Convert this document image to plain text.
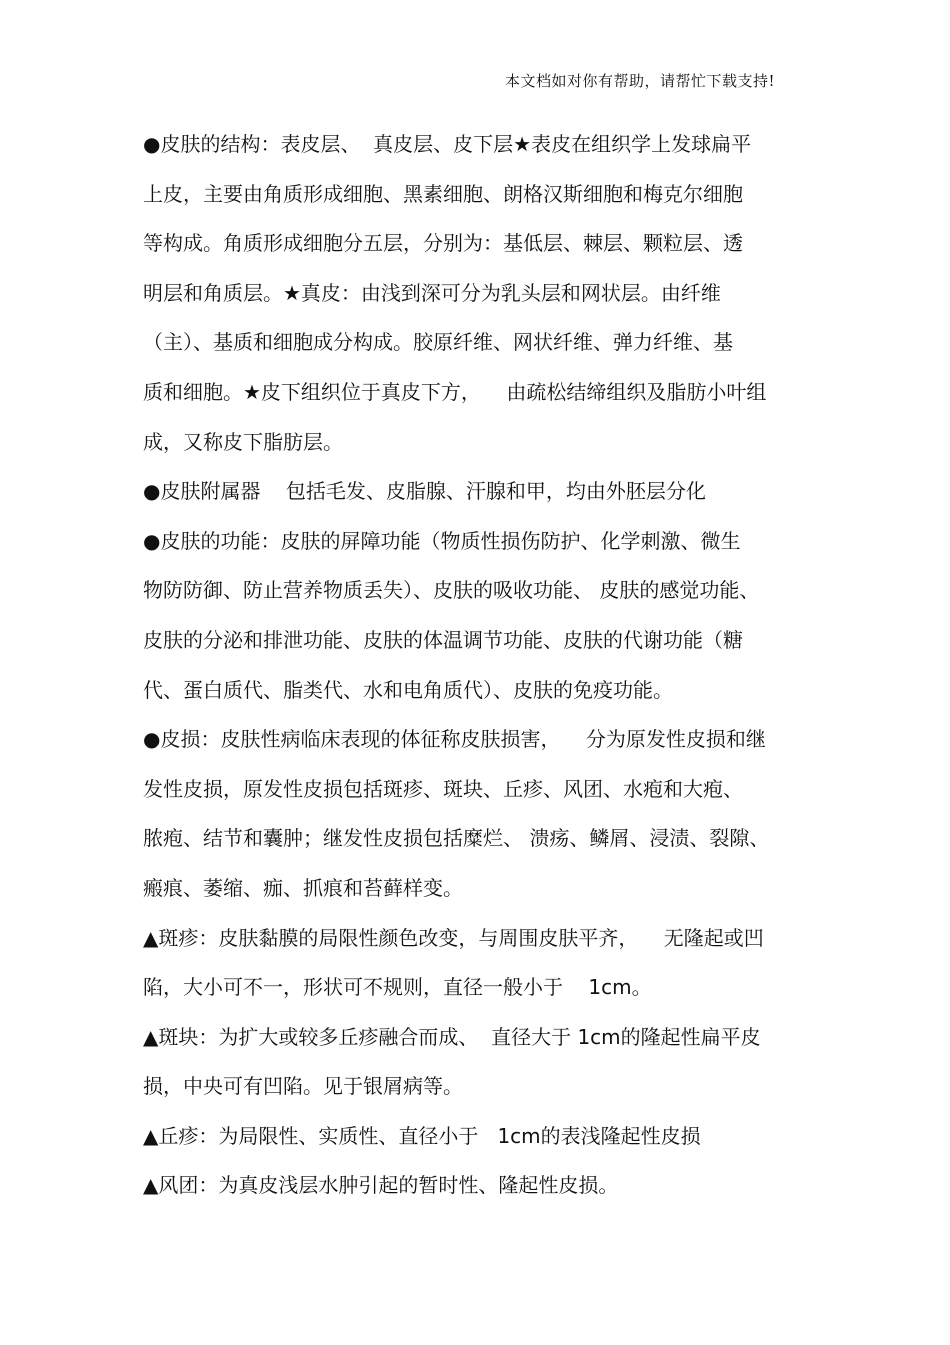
本文档如对你有帮助，请帮忙下载支持!
●皮肤的结构：表皮层、  真皮层、皮下层★表皮在组织学上发球扁平
上皮，主要由角质形成细胞、黑素细胞、朗格汉斯细胞和梅克尔细胞
等构成。角质形成细胞分五层，分别为：基低层、棘层、颗粒层、透
明层和角质层。★真皮：由浅到深可分为乳头层和网状层。由纤维
（主）、基质和细胞成分构成。胶原纤维、网状纤维、弹力纤维、基
质和细胞。★皮下组织位于真皮下方，    由疏松结缔组织及脂肪小叶组
成，又称皮下脂肪层。
●皮肤附属器    包括毛发、皮脂腺、汗腺和甲，均由外胚层分化
●皮肤的功能：皮肤的屏障功能（物质性损伤防护、化学刺激、微生
物防防御、防止营养物质丢失）、皮肤的吸收功能、 皮肤的感觉功能、
皮肤的分泌和排泄功能、皮肤的体温调节功能、皮肤的代谢功能（糖
代、蛋白质代、脂类代、水和电角质代）、皮肤的免疫功能。
●皮损：皮肤性病临床表现的体征称皮肤损害，    分为原发性皮损和继
发性皮损，原发性皮损包括斑疹、斑块、丘疹、风团、水疱和大疱、
脓疱、结节和囊肿；继发性皮损包括糜烂、 溃疡、鳞屑、浸渍、裂隙、
瘢痕、萎缩、痂、抓痕和苔藓样变。
▲斑疹：皮肤黏膜的局限性颜色改变，与周围皮肤平齐，    无隆起或凹
陷，大小可不一，形状可不规则，直径一般小于    1cm。
▲斑块：为扩大或较多丘疹融合而成、  直径大于 1cm的隆起性扁平皮
损，中央可有凹陷。见于银屑病等。
▲丘疹：为局限性、实质性、直径小于   1cm的表浅隆起性皮损
▲风团：为真皮浅层水肿引起的暂时性、隆起性皮损。
